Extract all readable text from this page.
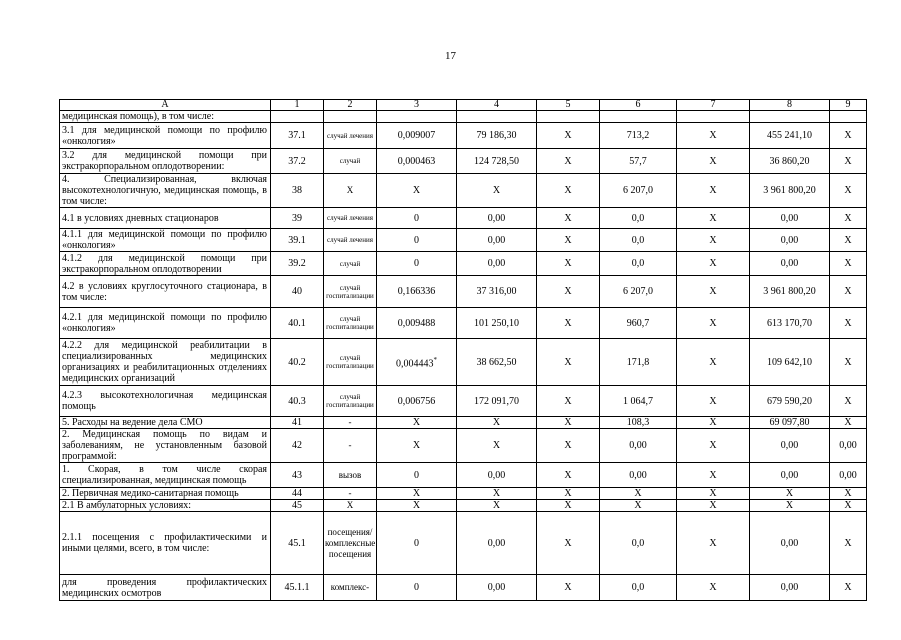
17
А	1	2	3	4	5	6	7	8	9
медицинская помощь), в том числе:									
3.1 для медицинской помощи по профилю «онкология»	37.1	случай лечения	0,009007	79 186,30	X	713,2	X	455 241,10	X
3.2 для медицинской помощи при экстракорпоральном оплодотворении:	37.2	случай	0,000463	124 728,50	X	57,7	X	36 860,20	X
4. Специализированная, включая высокотехнологичную, медицинская помощь, в том числе:	38	X	X	X	X	6 207,0	X	3 961 800,20	X
4.1 в условиях дневных стационаров	39	случай лечения	0	0,00	X	0,0	X	0,00	X
4.1.1 для медицинской помощи по профилю «онкология»	39.1	случай лечения	0	0,00	X	0,0	X	0,00	X
4.1.2 для медицинской помощи при экстракорпоральном оплодотворении	39.2	случай	0	0,00	X	0,0	X	0,00	X
4.2 в условиях круглосуточного стационара, в том числе:	40	случай госпитализации	0,166336	37 316,00	X	6 207,0	X	3 961 800,20	X
4.2.1 для медицинской помощи по профилю «онкология»	40.1	случай госпитализации	0,009488	101 250,10	X	960,7	X	613 170,70	X
4.2.2 для медицинской реабилитации в специализированных медицинских организациях и реабилитационных отделениях медицинских организаций	40.2	случай госпитализации	0,004443*	38 662,50	X	171,8	X	109 642,10	X
4.2.3 высокотехнологичная медицинская помощь	40.3	случай госпитализации	0,006756	172 091,70	X	1 064,7	X	679 590,20	X
5. Расходы на ведение дела СМО	41	-	X	X	X	108,3	X	69 097,80	X
2. Медицинская помощь по видам и заболеваниям, не установленным базовой программой:	42	-	X	X	X	0,00	X	0,00	0,00
1. Скорая, в том числе скорая специализированная, медицинская помощь	43	вызов	0	0,00	X	0,00	X	0,00	0,00
2. Первичная медико-санитарная помощь	44	-	X	X	X	X	X	X	X
2.1 В амбулаторных условиях:	45	X	X	X	X	X	X	X	X
2.1.1 посещения с профилактическими и иными целями, всего, в том числе:	45.1	посещения/комплексные посещения	0	0,00	X	0,0	X	0,00	X
для проведения профилактических медицинских осмотров	45.1.1	комплекс-	0	0,00	X	0,0	X	0,00	X
